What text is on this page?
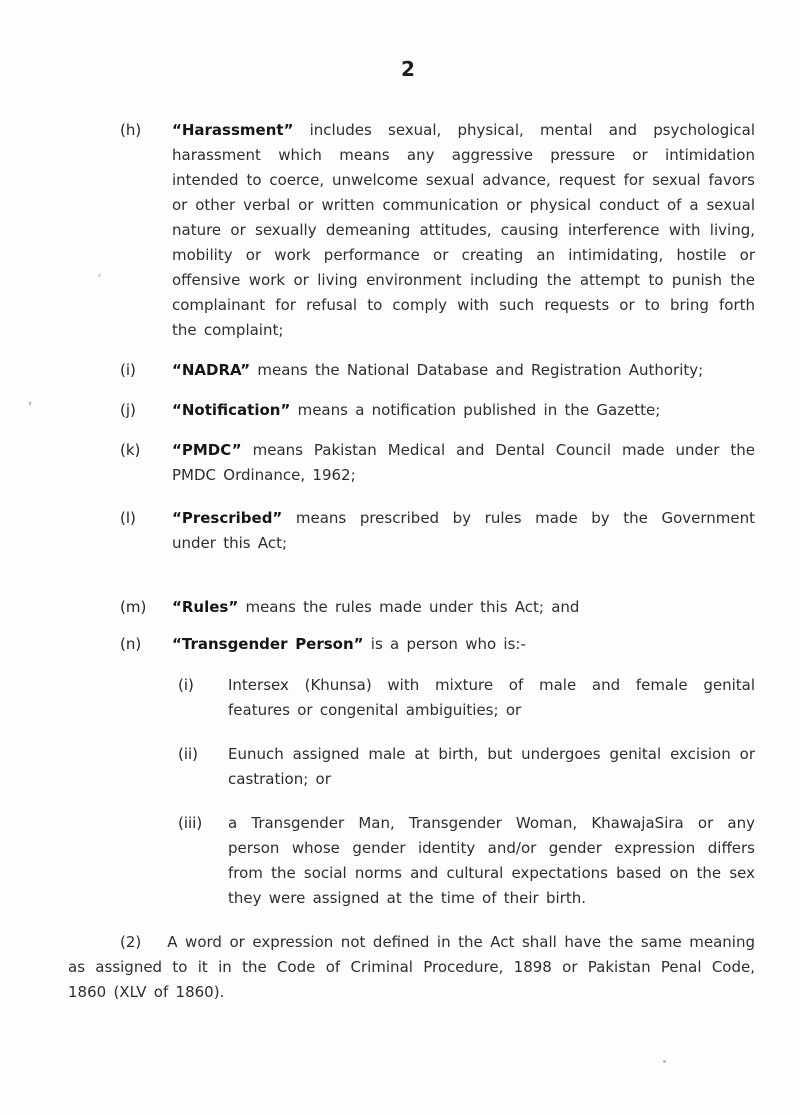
2
(h)	“Harassment” includes sexual, physical, mental and psychological harassment which means any aggressive pressure or intimidation intended to coerce, unwelcome sexual advance, request for sexual favors or other verbal or written communication or physical conduct of a sexual nature or sexually demeaning attitudes, causing interference with living, mobility or work performance or creating an intimidating, hostile or offensive work or living environment including the attempt to punish the complainant for refusal to comply with such requests or to bring forth the complaint;

(i)	“NADRA” means the National Database and Registration Authority;

(j)	“Notification” means a notification published in the Gazette;

(k)	“PMDC” means Pakistan Medical and Dental Council made under the PMDC Ordinance, 1962;

(l)	“Prescribed” means prescribed by rules made by the Government under this Act;

(m)	“Rules” means the rules made under this Act; and

(n)	“Transgender Person” is a person who is:-

(i)	Intersex (Khunsa) with mixture of male and female genital features or congenital ambiguities; or

(ii)	Eunuch assigned male at birth, but undergoes genital excision or castration; or

(iii)	a Transgender Man, Transgender Woman, KhawajaSira or any person whose gender identity and/or gender expression differs from the social norms and cultural expectations based on the sex they were assigned at the time of their birth.

(2) A word or expression not defined in the Act shall have the same meaning as assigned to it in the Code of Criminal Procedure, 1898 or Pakistan Penal Code, 1860 (XLV of 1860).

’
